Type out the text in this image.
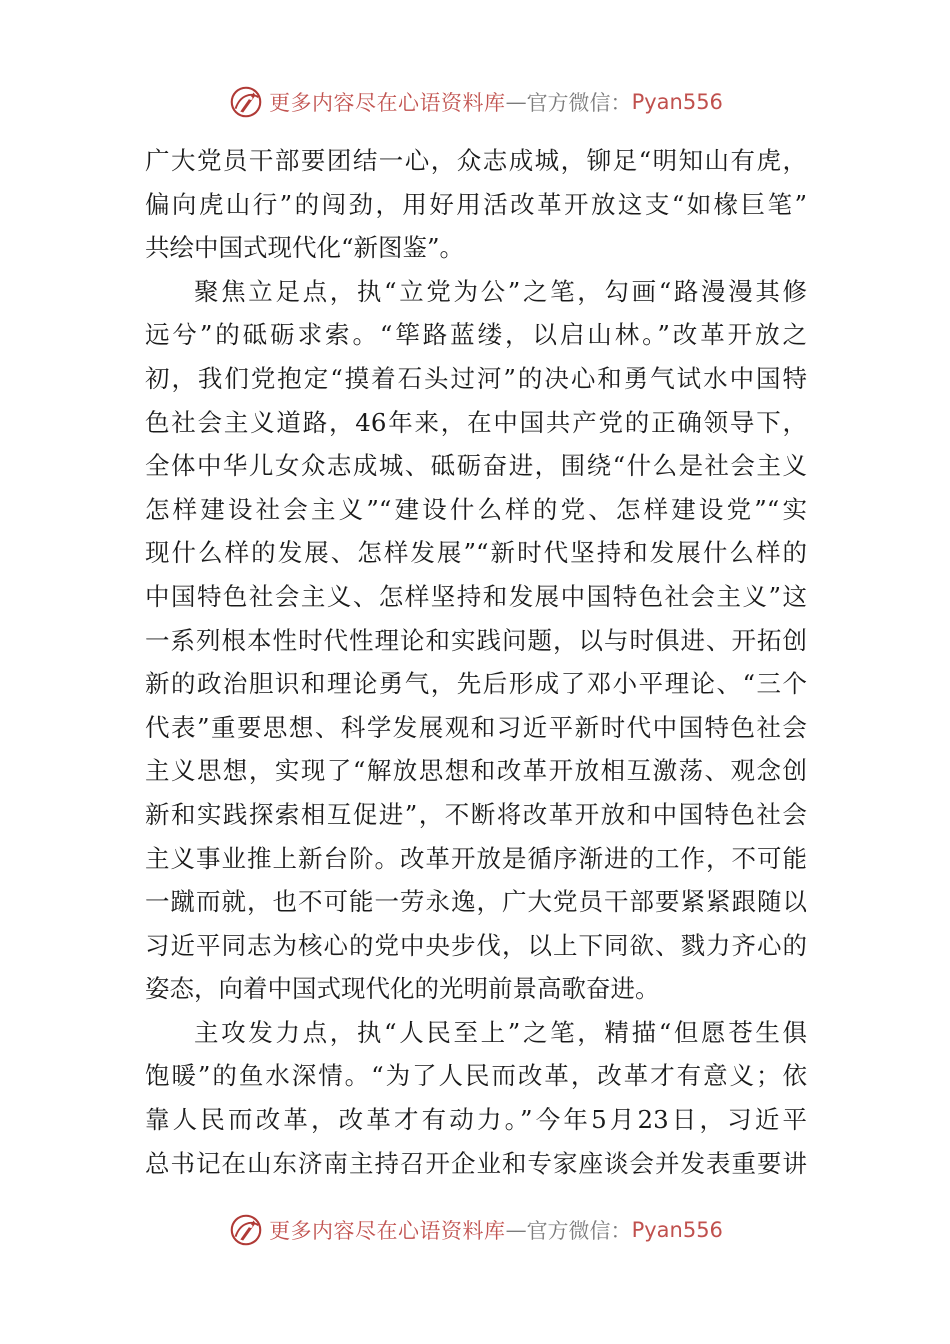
更多内容尽在心语资料库 — 官方微信： Pyan556
广大党员干部要团结一心，众志成城，铆足“明知山有虎，
偏向虎山行”的闯劲，用好用活改革开放这支“如椽巨笔”
共绘中国式现代化“新图鉴”。
聚焦立足点，执“立党为公”之笔，勾画“路漫漫其修
远兮”的砥砺求索。“筚路蓝缕，以启山林。”改革开放之
初，我们党抱定“摸着石头过河”的决心和勇气试水中国特
色社会主义道路，46年来，在中国共产党的正确领导下，
全体中华儿女众志成城、砥砺奋进，围绕“什么是社会主义
怎样建设社会主义”“建设什么样的党、怎样建设党”“实
现什么样的发展、怎样发展”“新时代坚持和发展什么样的
中国特色社会主义、怎样坚持和发展中国特色社会主义”这
一系列根本性时代性理论和实践问题，以与时俱进、开拓创
新的政治胆识和理论勇气，先后形成了邓小平理论、“三个
代表”重要思想、科学发展观和习近平新时代中国特色社会
主义思想，实现了“解放思想和改革开放相互激荡、观念创
新和实践探索相互促进”，不断将改革开放和中国特色社会
主义事业推上新台阶。改革开放是循序渐进的工作，不可能
一蹴而就，也不可能一劳永逸，广大党员干部要紧紧跟随以
习近平同志为核心的党中央步伐，以上下同欲、戮力齐心的
姿态，向着中国式现代化的光明前景高歌奋进。
主攻发力点，执“人民至上”之笔，精描“但愿苍生俱
饱暖”的鱼水深情。“为了人民而改革，改革才有意义；依
靠人民而改革，改革才有动力。”今年5月23日，习近平
总书记在山东济南主持召开企业和专家座谈会并发表重要讲
更多内容尽在心语资料库 — 官方微信： Pyan556
